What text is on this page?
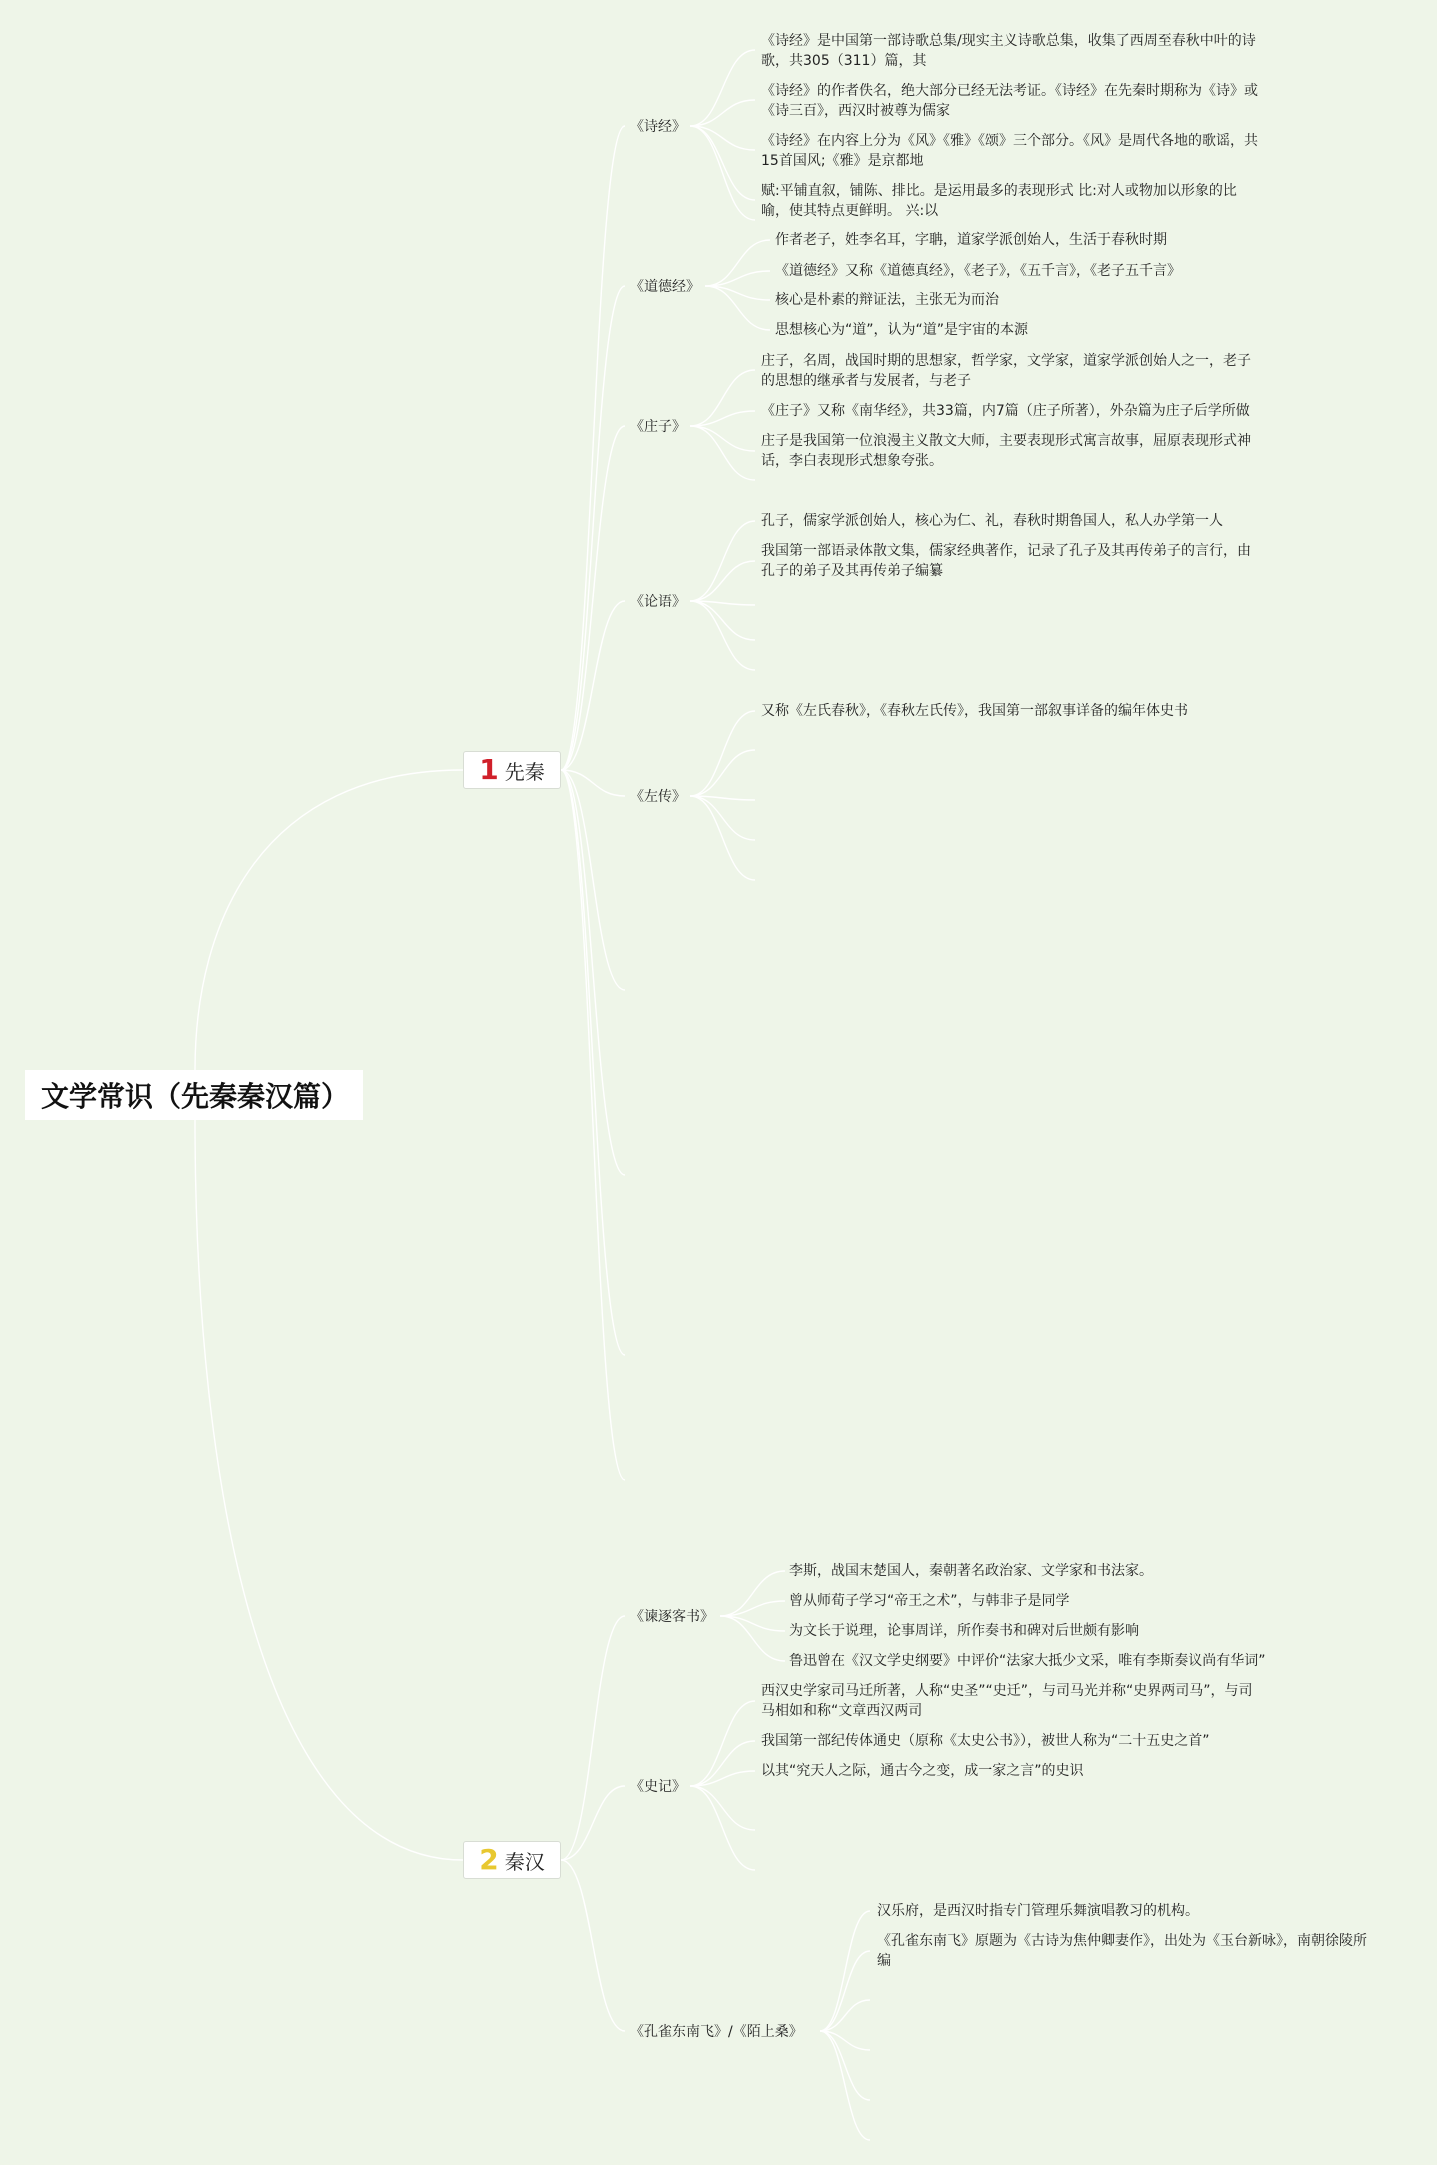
文学常识（先秦秦汉篇）
1 先秦
2 秦汉
《诗经》
《道德经》
《庄子》
《论语》
《左传》
《诗经》是中国第一部诗歌总集/现实主义诗歌总集，收集了西周至春秋中叶的诗歌，共305（311）篇，其
《诗经》的作者佚名，绝大部分已经无法考证。《诗经》在先秦时期称为《诗》或《诗三百》，西汉时被尊为儒家
《诗经》在内容上分为《风》《雅》《颂》三个部分。《风》是周代各地的歌谣，共15首国风;《雅》是京都地
赋:平铺直叙，铺陈、排比。是运用最多的表现形式 比:对人或物加以形象的比喻，使其特点更鲜明。 兴:以
作者老子，姓李名耳，字聃，道家学派创始人，生活于春秋时期
《道德经》又称《道德真经》，《老子》，《五千言》，《老子五千言》
核心是朴素的辩证法，主张无为而治
思想核心为“道”，认为“道”是宇宙的本源
庄子，名周，战国时期的思想家，哲学家，文学家，道家学派创始人之一，老子的思想的继承者与发展者，与老子
《庄子》又称《南华经》，共33篇，内7篇（庄子所著），外杂篇为庄子后学所做
庄子是我国第一位浪漫主义散文大师，主要表现形式寓言故事，屈原表现形式神话，李白表现形式想象夸张。
孔子，儒家学派创始人，核心为仁、礼，春秋时期鲁国人，私人办学第一人
我国第一部语录体散文集，儒家经典著作，记录了孔子及其再传弟子的言行，由孔子的弟子及其再传弟子编纂
又称《左氏春秋》，《春秋左氏传》，我国第一部叙事详备的编年体史书
《谏逐客书》
《史记》
《孔雀东南飞》/《陌上桑》
李斯，战国末楚国人，秦朝著名政治家、文学家和书法家。
曾从师荀子学习“帝王之术”，与韩非子是同学
为文长于说理，论事周详，所作奏书和碑对后世颇有影响
鲁迅曾在《汉文学史纲要》中评价“法家大抵少文采，唯有李斯奏议尚有华词”
西汉史学家司马迁所著，人称“史圣”“史迁”，与司马光并称“史界两司马”，与司马相如和称“文章西汉两司
我国第一部纪传体通史（原称《太史公书》），被世人称为“二十五史之首”
以其“究天人之际，通古今之变，成一家之言”的史识
汉乐府，是西汉时指专门管理乐舞演唱教习的机构。
《孔雀东南飞》原题为《古诗为焦仲卿妻作》，出处为《玉台新咏》，南朝徐陵所编
